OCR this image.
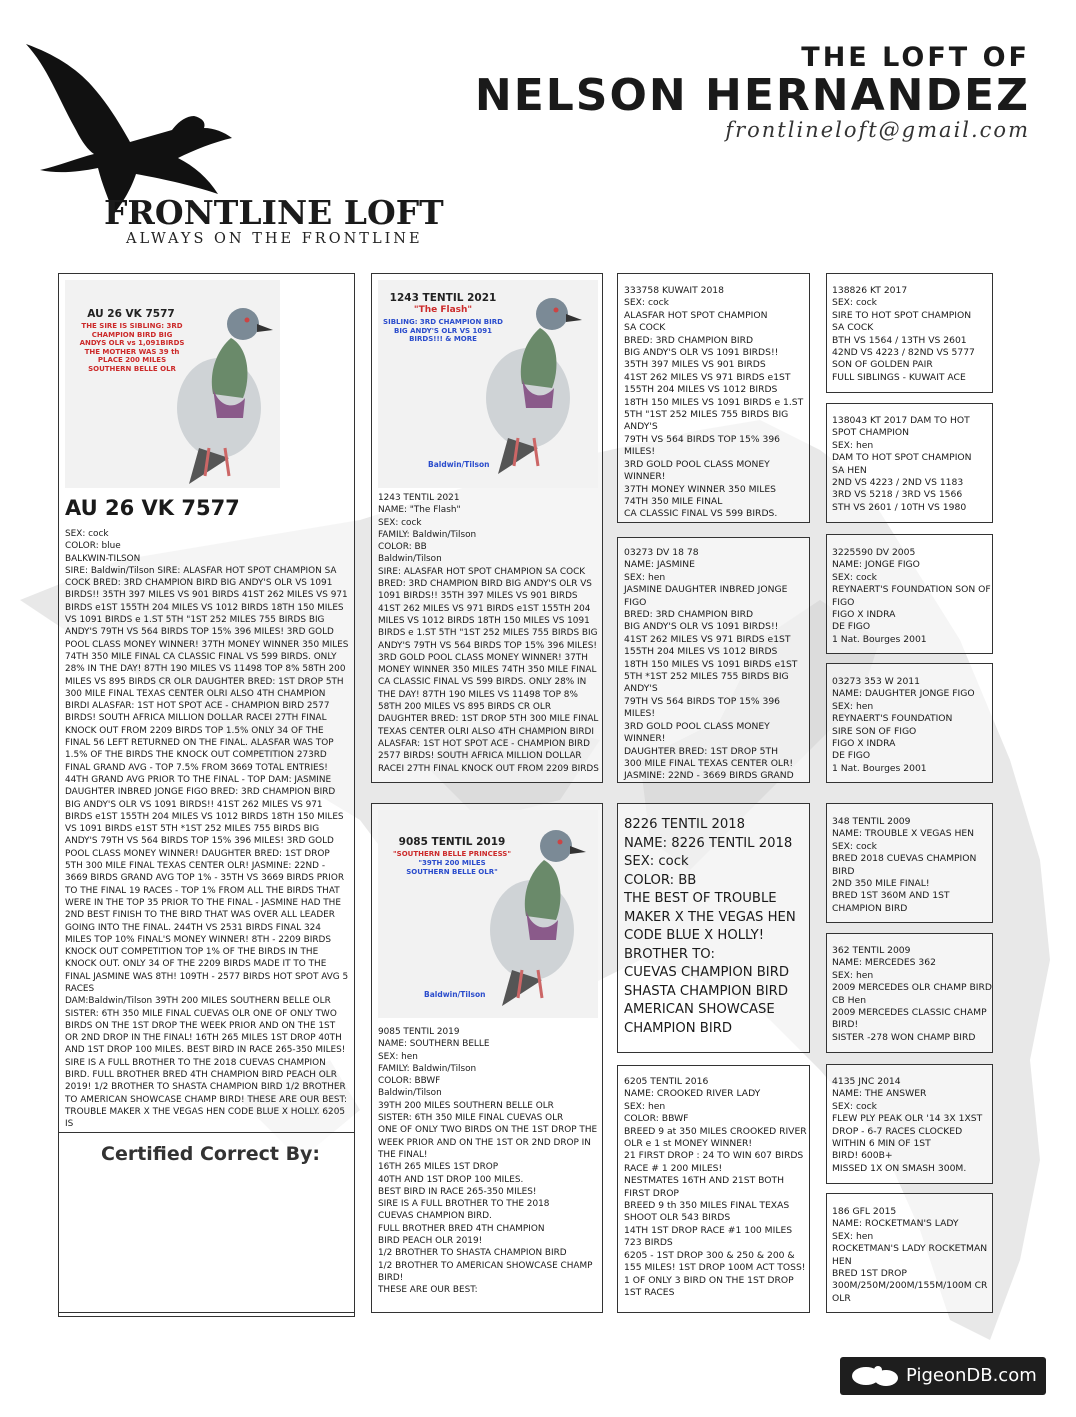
THE LOFT OF
NELSON HERNANDEZ
frontlineloft@gmail.com
FRONTLINE LOFT
ALWAYS ON THE FRONTLINE
AU 26 VK 7577
THE SIRE IS SIBLING: 3RD
CHAMPION BIRD BIG
ANDYS OLR vs 1,091BIRDS
THE MOTHER WAS 39 th
PLACE 200 MILES
SOUTHERN BELLE OLR
AU 26 VK 7577
SEX: cock
COLOR: blue
BALKWIN-TILSON
SIRE: Baldwin/Tilson SIRE: ALASFAR HOT SPOT CHAMPION SA COCK BRED: 3RD CHAMPION BIRD BIG ANDY'S OLR VS 1091 BIRDS!! 35TH 397 MILES VS 901 BIRDS 41ST 262 MILES VS 971 BIRDS e1ST 155TH 204 MILES VS 1012 BIRDS 18TH 150 MILES VS 1091 BIRDS e 1.ST 5TH "1ST 252 MILES 755 BIRDS BIG ANDY'S 79TH VS 564 BIRDS TOP 15% 396 MILES! 3RD GOLD POOL CLASS MONEY WINNER! 37TH MONEY WINNER 350 MILES 74TH 350 MILE FINAL CA CLASSIC FINAL VS 599 BIRDS. ONLY 28% IN THE DAY! 87TH 190 MILES VS 11498 TOP 8% 58TH 200 MILES VS 895 BIRDS CR OLR DAUGHTER BRED: 1ST DROP 5TH 300 MILE FINAL TEXAS CENTER OLRI ALSO 4TH CHAMPION BIRDI ALASFAR: 1ST HOT SPOT ACE - CHAMPION BIRD 2577 BIRDS! SOUTH AFRICA MILLION DOLLAR RACEI 27TH FINAL KNOCK OUT FROM 2209 BIRDS TOP 1.5% ONLY 34 OF THE FINAL 56 LEFT RETURNED ON THE FINAL. ALASFAR WAS TOP 1.5% OF THE BIRDS THE KNOCK OUT COMPETITION 273RD FINAL GRAND AVG - TOP 7.5% FROM 3669 TOTAL ENTRIES! 44TH GRAND AVG PRIOR TO THE FINAL - TOP DAM: JASMINE DAUGHTER INBRED JONGE FIGO BRED: 3RD CHAMPION BIRD BIG ANDY'S OLR VS 1091 BIRDS!! 41ST 262 MILES VS 971 BIRDS e1ST 155TH 204 MILES VS 1012 BIRDS 18TH 150 MILES VS 1091 BIRDS e1ST 5TH *1ST 252 MILES 755 BIRDS BIG ANDY'S 79TH VS 564 BIRDS TOP 15% 396 MILES! 3RD GOLD POOL CLASS MONEY WINNER! DAUGHTER BRED: 1ST DROP 5TH 300 MILE FINAL TEXAS CENTER OLR! JASMINE: 22ND - 3669 BIRDS GRAND AVG TOP 1% - 35TH VS 3669 BIRDS PRIOR TO THE FINAL 19 RACES - TOP 1% FROM ALL THE BIRDS THAT WERE IN THE TOP 35 PRIOR TO THE FINAL - JASMINE HAD THE 2ND BEST FINISH TO THE BIRD THAT WAS OVER ALL LEADER GOING INTO THE FINAL. 244TH VS 2531 BIRDS FINAL 324 MILES TOP 10% FINAL'S MONEY WINNER! 8TH - 2209 BIRDS KNOCK OUT COMPETITION TOP 1% OF THE BIRDS IN THE KNOCK OUT. ONLY 34 OF THE 2209 BIRDS MADE IT TO THE FINAL JASMINE WAS 8TH! 109TH - 2577 BIRDS HOT SPOT AVG 5 RACES
DAM:Baldwin/Tilson 39TH 200 MILES SOUTHERN BELLE OLR SISTER: 6TH 350 MILE FINAL CUEVAS OLR ONE OF ONLY TWO BIRDS ON THE 1ST DROP THE WEEK PRIOR AND ON THE 1ST OR 2ND DROP IN THE FINAL! 16TH 265 MILES 1ST DROP 40TH AND 1ST DROP 100 MILES. BEST BIRD IN RACE 265-350 MILES! SIRE IS A FULL BROTHER TO THE 2018 CUEVAS CHAMPION BIRD. FULL BROTHER BRED 4TH CHAMPION BIRD PEACH OLR 2019! 1/2 BROTHER TO SHASTA CHAMPION BIRD 1/2 BROTHER TO AMERICAN SHOWCASE CHAMP BIRD! THESE ARE OUR BEST: TROUBLE MAKER X THE VEGAS HEN CODE BLUE X HOLLY. 6205 IS
Certified Correct By:
1243 TENTIL 2021
"The Flash"
SIBLING: 3RD CHAMPION BIRD
BIG ANDY'S OLR VS 1091
BIRDS!!! & MORE
Baldwin/Tilson
1243 TENTIL 2021
NAME: "The Flash"
SEX: cock
FAMILY: Baldwin/Tilson
COLOR: BB
Baldwin/Tilson
SIRE: ALASFAR HOT SPOT CHAMPION SA COCK BRED: 3RD CHAMPION BIRD BIG ANDY'S OLR VS 1091 BIRDS!! 35TH 397 MILES VS 901 BIRDS 41ST 262 MILES VS 971 BIRDS e1ST 155TH 204 MILES VS 1012 BIRDS 18TH 150 MILES VS 1091 BIRDS e 1.ST 5TH "1ST 252 MILES 755 BIRDS BIG ANDY'S 79TH VS 564 BIRDS TOP 15% 396 MILES! 3RD GOLD POOL CLASS MONEY WINNER! 37TH MONEY WINNER 350 MILES 74TH 350 MILE FINAL CA CLASSIC FINAL VS 599 BIRDS. ONLY 28% IN THE DAY! 87TH 190 MILES VS 11498 TOP 8% 58TH 200 MILES VS 895 BIRDS CR OLR DAUGHTER BRED: 1ST DROP 5TH 300 MILE FINAL TEXAS CENTER OLRI ALSO 4TH CHAMPION BIRDI ALASFAR: 1ST HOT SPOT ACE - CHAMPION BIRD 2577 BIRDS! SOUTH AFRICA MILLION DOLLAR RACEI 27TH FINAL KNOCK OUT FROM 2209 BIRDS
9085 TENTIL 2019
"SOUTHERN BELLE PRINCESS"
"39TH 200 MILES
SOUTHERN BELLE OLR"
Baldwin/Tilson
9085 TENTIL 2019
NAME: SOUTHERN BELLE
SEX: hen
FAMILY: Baldwin/Tilson
COLOR: BBWF
Baldwin/Tilson
39TH 200 MILES SOUTHERN BELLE OLR
SISTER: 6TH 350 MILE FINAL CUEVAS OLR
ONE OF ONLY TWO BIRDS ON THE 1ST DROP THE WEEK PRIOR AND ON THE 1ST OR 2ND DROP IN THE FINAL!
16TH 265 MILES 1ST DROP
40TH AND 1ST DROP 100 MILES.
BEST BIRD IN RACE 265-350 MILES!
SIRE IS A FULL BROTHER TO THE 2018
CUEVAS CHAMPION BIRD.
FULL BROTHER BRED 4TH CHAMPION
BIRD PEACH OLR 2019!
1/2 BROTHER TO SHASTA CHAMPION BIRD
1/2 BROTHER TO AMERICAN SHOWCASE CHAMP BIRD!
THESE ARE OUR BEST:
333758 KUWAIT 2018
SEX: cock
ALASFAR HOT SPOT CHAMPION
SA COCK
BRED: 3RD CHAMPION BIRD
BIG ANDY'S OLR VS 1091 BIRDS!!
35TH 397 MILES VS 901 BIRDS
41ST 262 MILES VS 971 BIRDS e1ST
155TH 204 MILES VS 1012 BIRDS
18TH 150 MILES VS 1091 BIRDS e 1.ST
5TH "1ST 252 MILES 755 BIRDS BIG ANDY'S
79TH VS 564 BIRDS TOP 15% 396 MILES!
3RD GOLD POOL CLASS MONEY WINNER!
37TH MONEY WINNER 350 MILES
74TH 350 MILE FINAL
CA CLASSIC FINAL VS 599 BIRDS.
03273 DV 18 78
NAME: JASMINE
SEX: hen
JASMINE DAUGHTER INBRED JONGE FIGO
BRED: 3RD CHAMPION BIRD
BIG ANDY'S OLR VS 1091 BIRDS!!
41ST 262 MILES VS 971 BIRDS e1ST
155TH 204 MILES VS 1012 BIRDS
18TH 150 MILES VS 1091 BIRDS e1ST
5TH *1ST 252 MILES 755 BIRDS BIG ANDY'S
79TH VS 564 BIRDS TOP 15% 396 MILES!
3RD GOLD POOL CLASS MONEY WINNER!
DAUGHTER BRED: 1ST DROP 5TH
300 MILE FINAL TEXAS CENTER OLR!
JASMINE: 22ND - 3669 BIRDS GRAND
8226 TENTIL 2018
NAME: 8226 TENTIL 2018
SEX: cock
COLOR: BB
THE BEST OF TROUBLE MAKER X THE VEGAS HEN
CODE BLUE X HOLLY!
BROTHER TO:
CUEVAS CHAMPION BIRD
SHASTA CHAMPION BIRD
AMERICAN SHOWCASE
CHAMPION BIRD
6205 TENTIL 2016
NAME: CROOKED RIVER LADY
SEX: hen
COLOR: BBWF
BREED 9 at 350 MILES CROOKED RIVER OLR e 1 st MONEY WINNER!
21 FIRST DROP : 24 TO WIN 607 BIRDS RACE # 1 200 MILES!
NESTMATES 16TH AND 21ST BOTH FIRST DROP
BREED 9 th 350 MILES FINAL TEXAS SHOOT OLR 543 BIRDS
14TH 1ST DROP RACE #1 100 MILES 723 BIRDS
6205 - 1ST DROP 300 & 250 & 200 & 155 MILES! 1ST DROP 100M ACT TOSS! 1 OF ONLY 3 BIRD ON THE 1ST DROP 1ST RACES
138826 KT 2017
SEX: cock
SIRE TO HOT SPOT CHAMPION
SA COCK
BTH VS 1564 / 13TH VS 2601
42ND VS 4223 / 82ND VS 5777
SON OF GOLDEN PAIR
FULL SIBLINGS - KUWAIT ACE
138043 KT 2017 DAM TO HOT SPOT CHAMPION
SEX: hen
DAM TO HOT SPOT CHAMPION
SA HEN
2ND VS 4223 / 2ND VS 1183
3RD VS 5218 / 3RD VS 1566
STH VS 2601 / 10TH VS 1980
3225590 DV 2005
NAME: JONGE FIGO
SEX: cock
REYNAERT'S FOUNDATION SON OF FIGO
FIGO X INDRA
DE FIGO
1 Nat. Bourges 2001
03273 353 W 2011
NAME: DAUGHTER JONGE FIGO
SEX: hen
REYNAERT'S FOUNDATION
SIRE SON OF FIGO
FIGO X INDRA
DE FIGO
1 Nat. Bourges 2001
348 TENTIL 2009
NAME: TROUBLE X VEGAS HEN
SEX: cock
BRED 2018 CUEVAS CHAMPION BIRD
2ND 350 MILE FINAL!
BRED 1ST 360M AND 1ST CHAMPION BIRD
362 TENTIL 2009
NAME: MERCEDES 362
SEX: hen
2009 MERCEDES OLR CHAMP BIRD CB Hen
2009 MERCEDES CLASSIC CHAMP BIRD!
SISTER -278 WON CHAMP BIRD
4135 JNC 2014
NAME: THE ANSWER
SEX: cock
FLEW PLY PEAK OLR '14 3X 1XST DROP - 6-7 RACES CLOCKED WITHIN 6 MIN OF 1ST
BIRD! 600B+
MISSED 1X ON SMASH 300M.
186 GFL 2015
NAME: ROCKETMAN'S LADY
SEX: hen
ROCKETMAN'S LADY ROCKETMAN HEN
BRED 1ST DROP
300M/250M/200M/155M/100M CR OLR
PigeonDB.com
